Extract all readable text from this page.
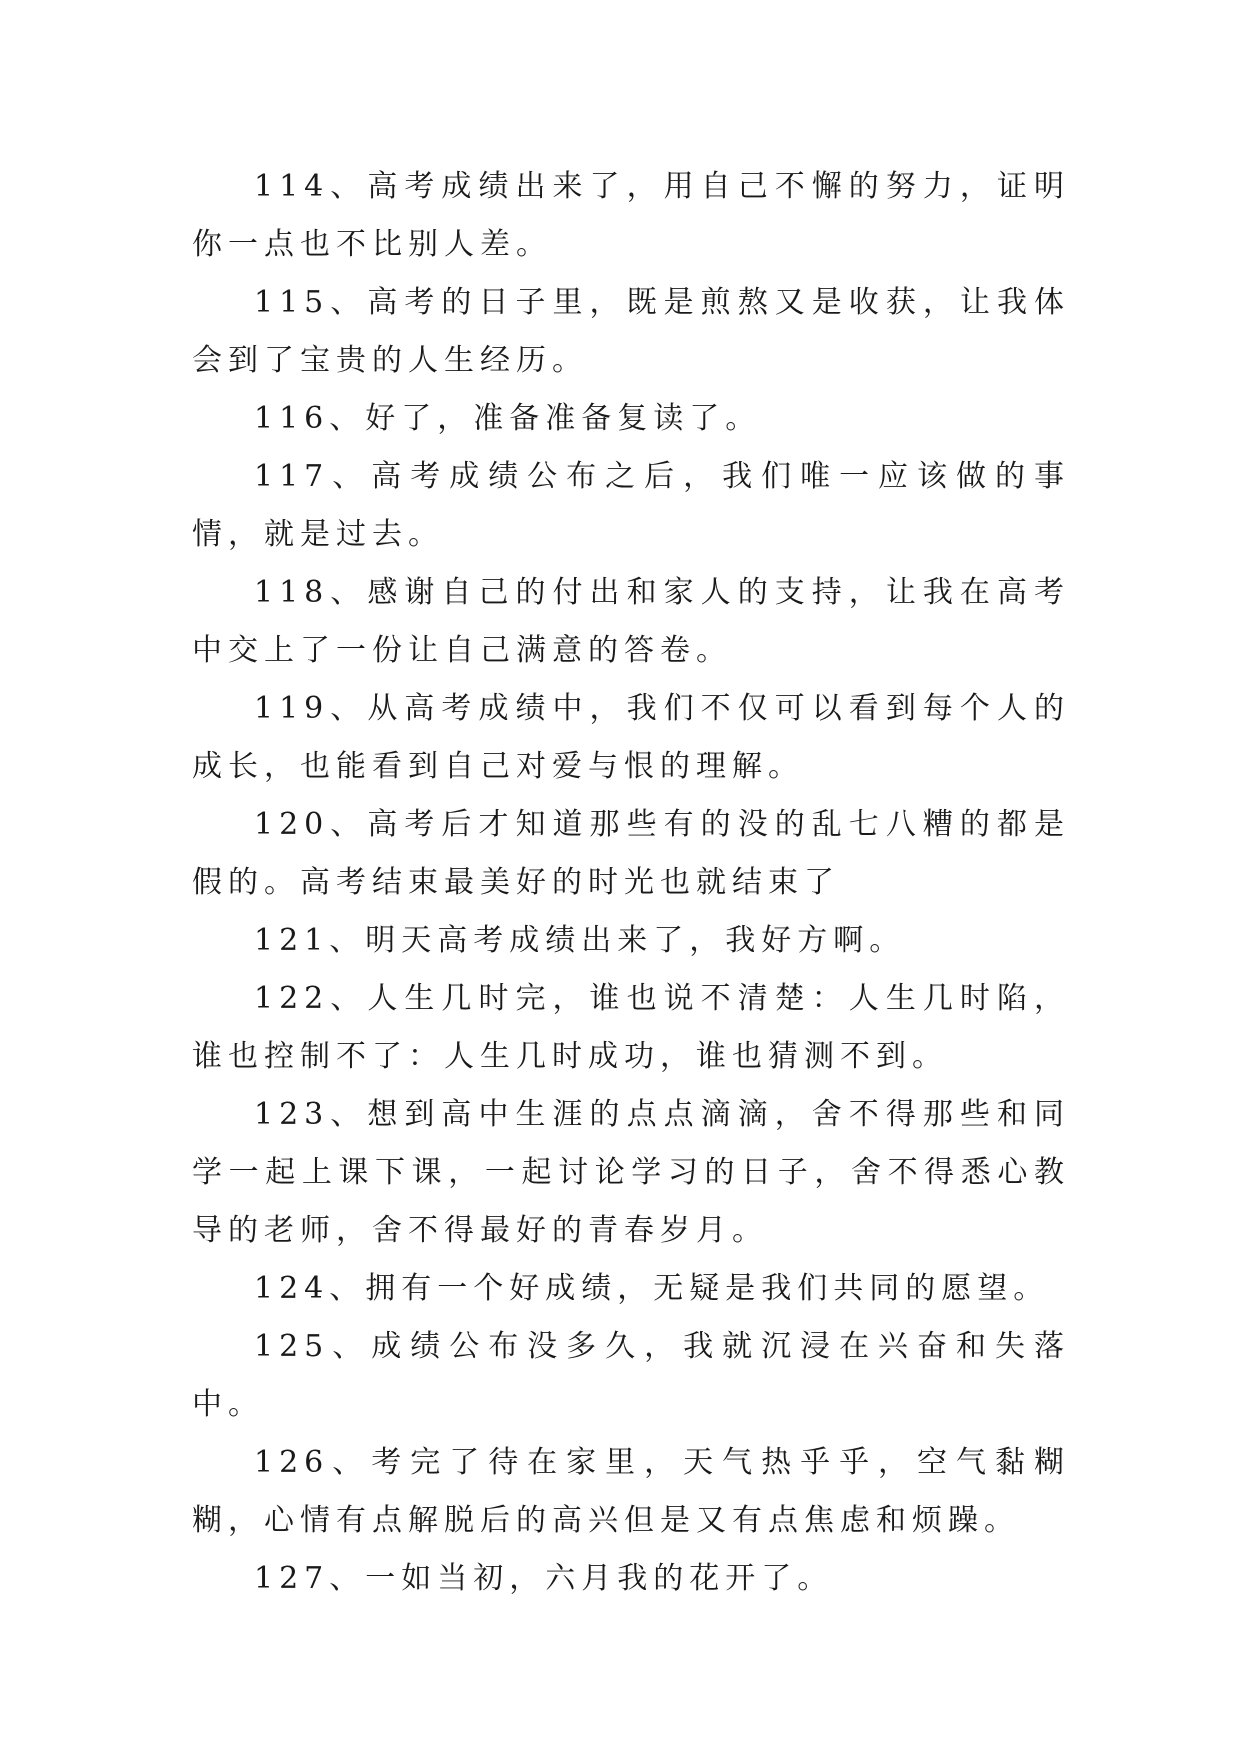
114、高考成绩出来了，用自己不懈的努力，证明你一点也不比别人差。

115、高考的日子里，既是煎熬又是收获，让我体会到了宝贵的人生经历。

116、好了，准备准备复读了。

117、高考成绩公布之后，我们唯一应该做的事情，就是过去。

118、感谢自己的付出和家人的支持，让我在高考中交上了一份让自己满意的答卷。

119、从高考成绩中，我们不仅可以看到每个人的成长，也能看到自己对爱与恨的理解。

120、高考后才知道那些有的没的乱七八糟的都是假的。高考结束最美好的时光也就结束了

121、明天高考成绩出来了，我好方啊。

122、人生几时完，谁也说不清楚：人生几时陷，谁也控制不了：人生几时成功，谁也猜测不到。

123、想到高中生涯的点点滴滴，舍不得那些和同学一起上课下课，一起讨论学习的日子，舍不得悉心教导的老师，舍不得最好的青春岁月。

124、拥有一个好成绩，无疑是我们共同的愿望。

125、成绩公布没多久，我就沉浸在兴奋和失落中。

126、考完了待在家里，天气热乎乎，空气黏糊糊，心情有点解脱后的高兴但是又有点焦虑和烦躁。

127、一如当初，六月我的花开了。
